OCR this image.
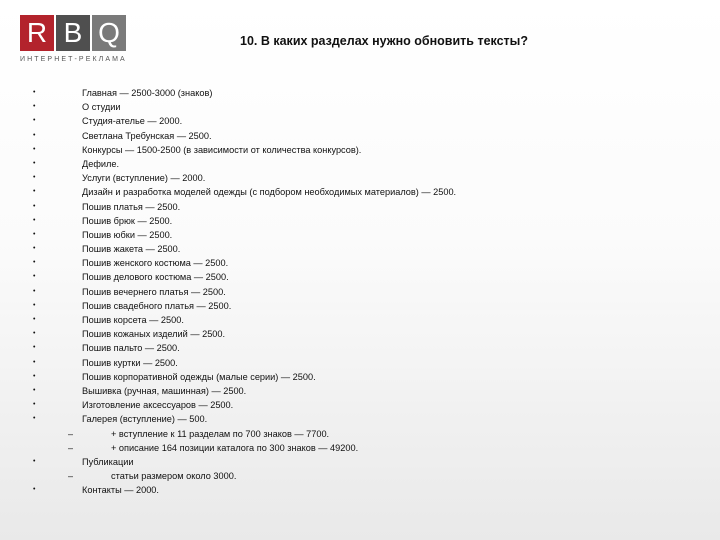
R B Q
ИНТЕРНЕТ-РЕКЛАМА
10. В каких разделах нужно обновить тексты?
•	Главная — 2500-3000 (знаков)
•	О студии
•	Студия-ателье — 2000.
•	Светлана Требунская — 2500.
•	Конкурсы — 1500-2500 (в зависимости от количества конкурсов).
•	Дефиле.
•	Услуги (вступление) — 2000.
•	Дизайн и разработка моделей одежды (с подбором необходимых материалов) — 2500.
•	Пошив платья — 2500.
•	Пошив брюк — 2500.
•	Пошив юбки — 2500.
•	Пошив жакета — 2500.
•	Пошив женского костюма — 2500.
•	Пошив делового костюма — 2500.
•	Пошив вечернего платья — 2500.
•	Пошив свадебного платья — 2500.
•	Пошив корсета — 2500.
•	Пошив кожаных изделий — 2500.
•	Пошив пальто — 2500.
•	Пошив куртки — 2500.
•	Пошив корпоративной одежды (малые серии) — 2500.
•	Вышивка (ручная, машинная) — 2500.
•	Изготовление аксессуаров — 2500.
•	Галерея (вступление) — 500.
–	+ вступление к 11 разделам по 700 знаков — 7700.
–	+ описание 164 позиции каталога по 300 знаков — 49200.
•	Публикации
–	статьи размером около 3000.
•	Контакты — 2000.
